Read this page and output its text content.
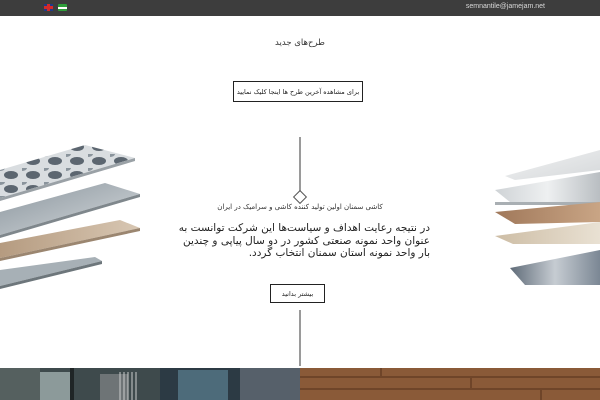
semnantile@jamejam.net
طرح‌های جدید
برای مشاهده آخرین طرح ها اینجا کلیک نمایید
کاشی سمنان اولین تولید کننده کاشی و سرامیک در ایران
در نتیجه رعایت اهداف و سیاست‌ها این شرکت توانست به عنوان واحد نمونه صنعتی کشور در دو سال پیاپی و چندین بار واحد نمونه استان سمنان انتخاب گردد.
بیشتر بدانید
